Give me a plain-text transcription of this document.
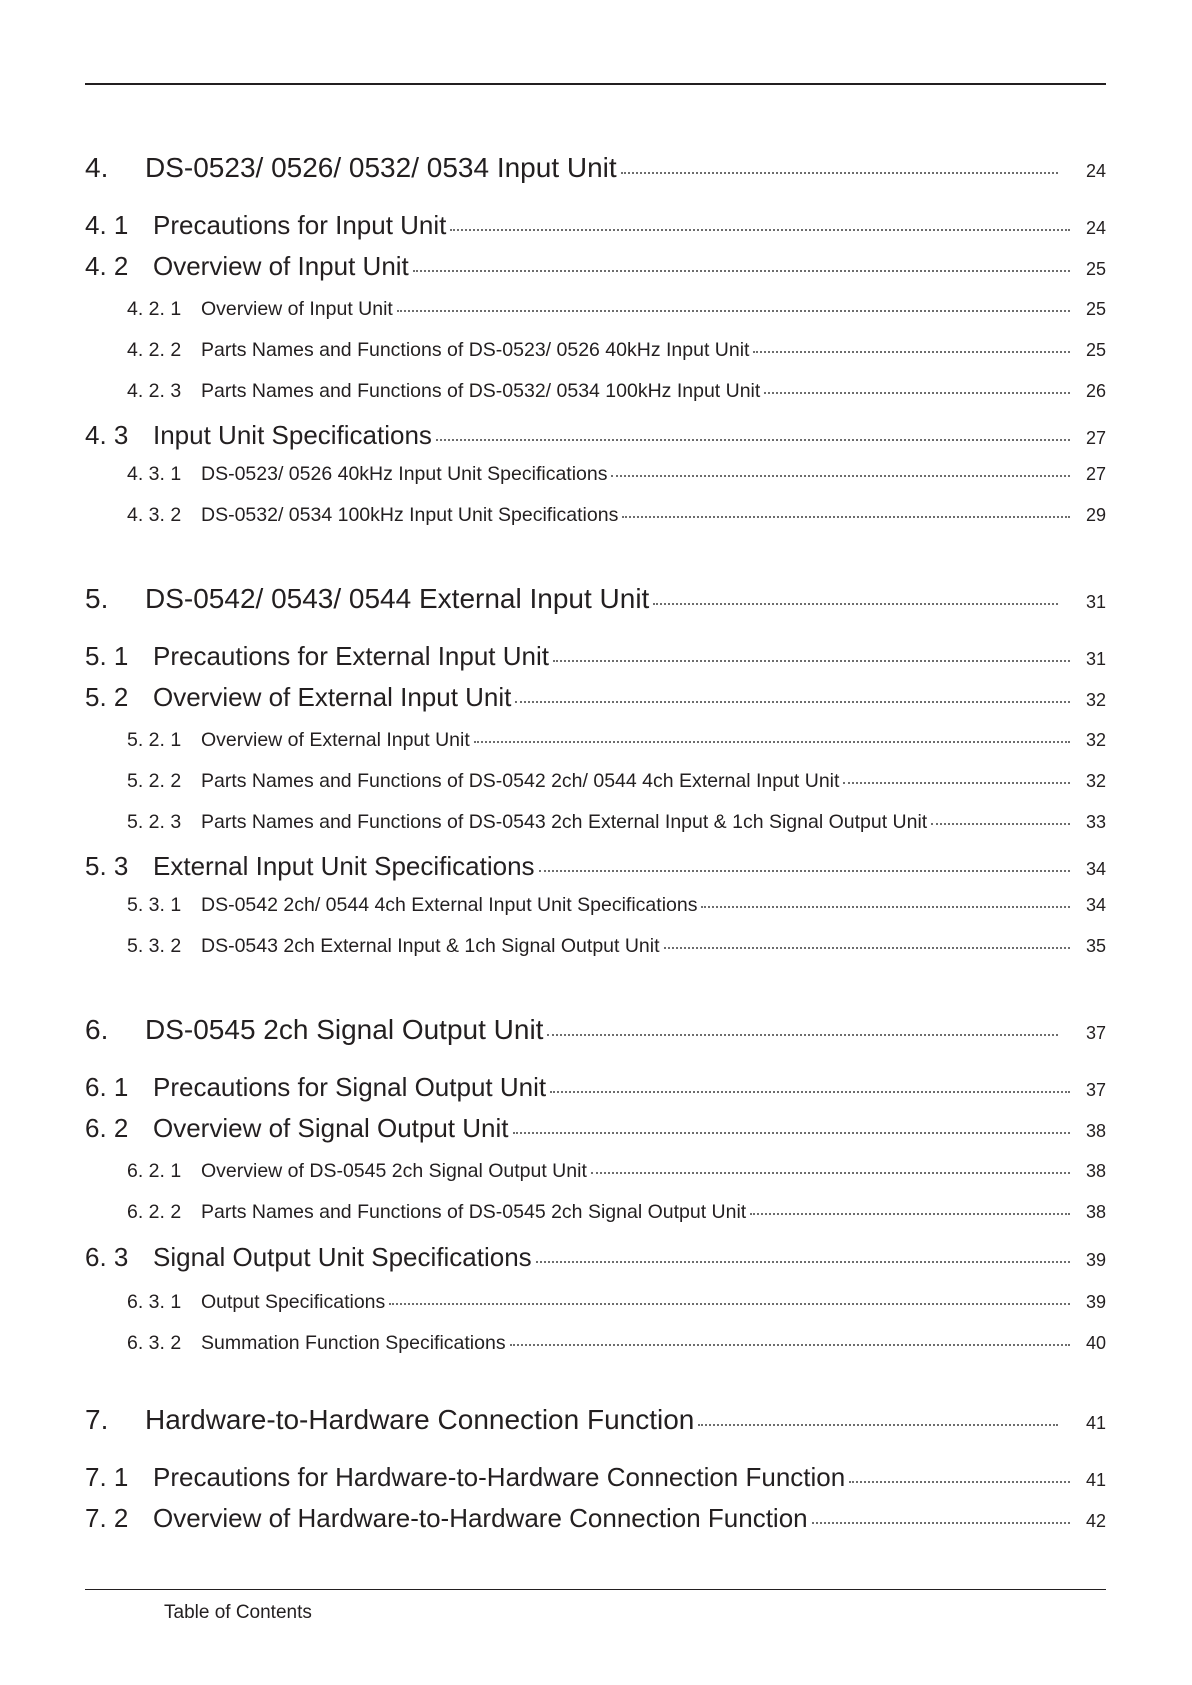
4.	DS‐0523/ 0526/ 0532/ 0534 Input Unit	24
4. 1 Precautions for Input Unit	24
4. 2 Overview of Input Unit	25
4. 2. 1	Overview of Input Unit	25
4. 2. 2	Parts Names and Functions of DS‐0523/ 0526 40kHz Input Unit	25
4. 2. 3	Parts Names and Functions of DS‐0532/ 0534 100kHz Input Unit	26
4. 3 Input Unit Specifications	27
4. 3. 1	DS‐0523/ 0526 40kHz Input Unit Specifications	27
4. 3. 2	DS‐0532/ 0534 100kHz Input Unit Specifications	29
5.	DS‐0542/ 0543/ 0544 External Input Unit	31
5. 1 Precautions for External Input Unit	31
5. 2 Overview of External Input Unit	32
5. 2. 1	Overview of External Input Unit	32
5. 2. 2	Parts Names and Functions of DS‐0542 2ch/ 0544 4ch External Input Unit	32
5. 2. 3	Parts Names and Functions of DS‐0543 2ch External Input & 1ch Signal Output Unit	33
5. 3 External Input Unit Specifications	34
5. 3. 1	DS‐0542 2ch/ 0544 4ch External Input Unit Specifications	34
5. 3. 2	DS‐0543 2ch External Input & 1ch Signal Output Unit	35
6.	DS‐0545 2ch Signal Output Unit	37
6. 1 Precautions for Signal Output Unit	37
6. 2 Overview of Signal Output Unit	38
6. 2. 1	Overview of DS‐0545 2ch Signal Output Unit	38
6. 2. 2	Parts Names and Functions of DS‐0545 2ch Signal Output Unit	38
6. 3 Signal Output Unit Specifications	39
6. 3. 1	Output Specifications	39
6. 3. 2	Summation Function Specifications	40
7.	Hardware‐to‐Hardware Connection Function	41
7. 1 Precautions for Hardware‐to‐Hardware Connection Function	41
7. 2 Overview of Hardware‐to‐Hardware Connection Function	42
Table of Contents
